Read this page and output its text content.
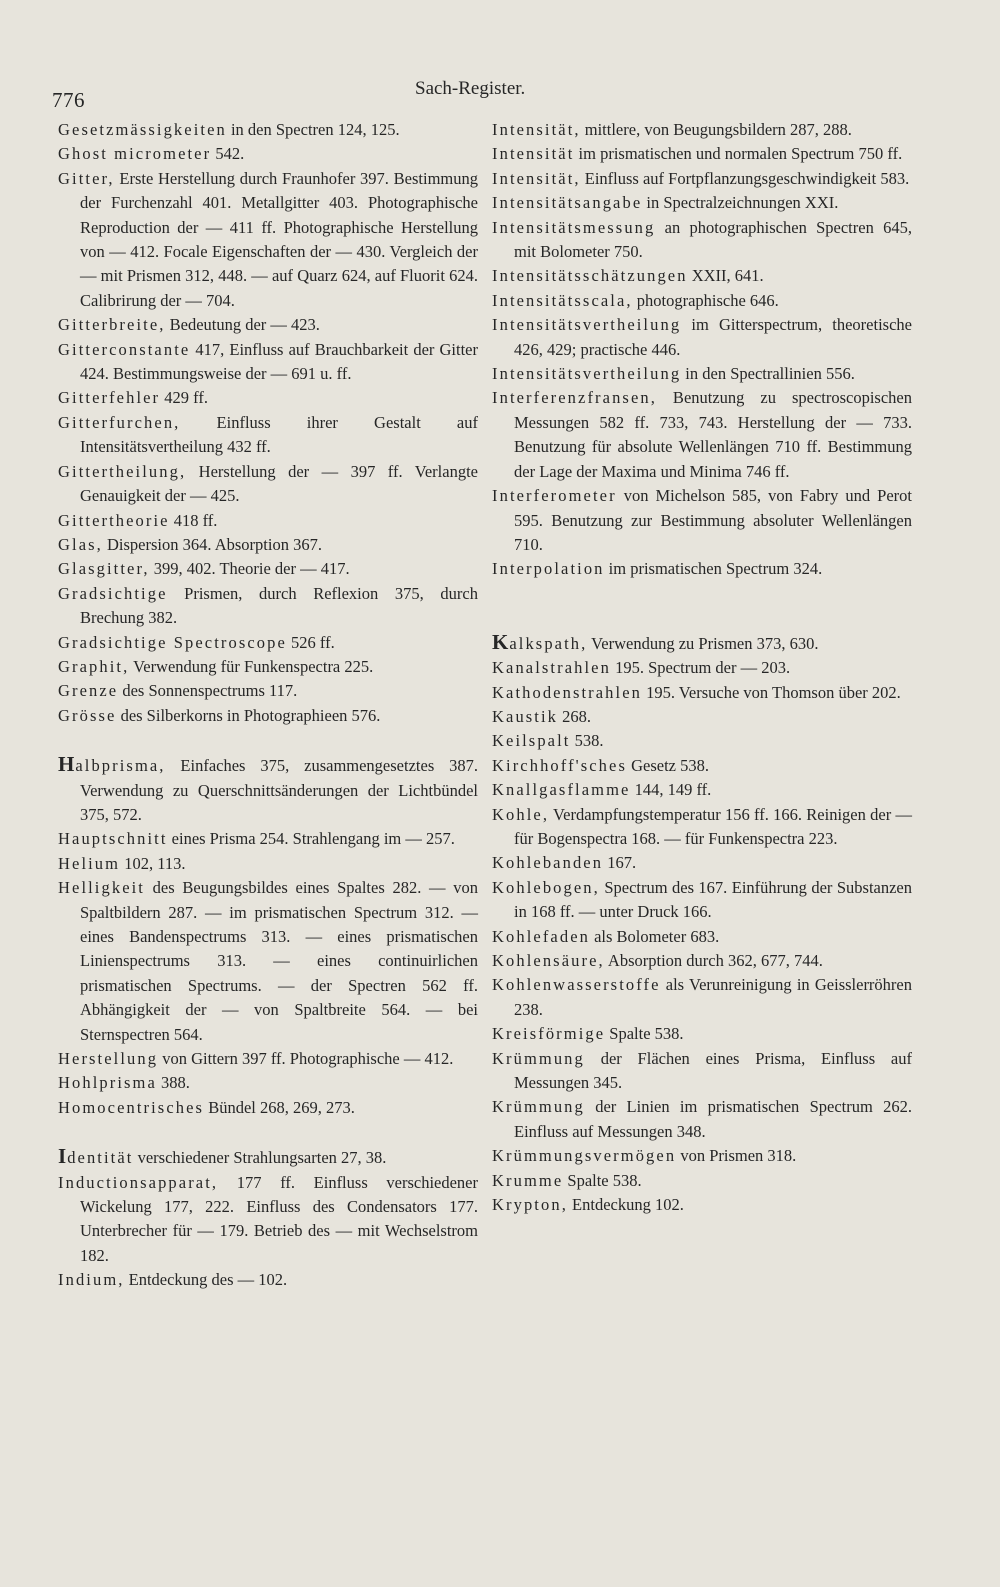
776	Sach-Register.

Gesetzmässigkeiten in den Spectren 124, 125.

Ghost micrometer 542.

Gitter, Erste Herstellung durch Fraunhofer 397. Bestimmung der Furchenzahl 401. Metallgitter 403. Photographische Reproduction der — 411 ff. Photographische Herstellung von — 412. Focale Eigenschaften der — 430. Vergleich der — mit Prismen 312, 448. — auf Quarz 624, auf Fluorit 624. Calibrirung der — 704.

Gitterbreite, Bedeutung der — 423.

Gitterconstante 417, Einfluss auf Brauchbarkeit der Gitter 424. Bestimmungsweise der — 691 u. ff.

Gitterfehler 429 ff.

Gitterfurchen, Einfluss ihrer Gestalt auf Intensitätsvertheilung 432 ff.

Gittertheilung, Herstellung der — 397 ff. Verlangte Genauigkeit der — 425.

Gittertheorie 418 ff.

Glas, Dispersion 364. Absorption 367.

Glasgitter, 399, 402. Theorie der — 417.

Gradsichtige Prismen, durch Reflexion 375, durch Brechung 382.

Gradsichtige Spectroscope 526 ff.

Graphit, Verwendung für Funkenspectra 225.

Grenze des Sonnenspectrums 117.

Grösse des Silberkorns in Photographieen 576.

Halbprisma, Einfaches 375, zusammengesetztes 387. Verwendung zu Querschnittsänderungen der Lichtbündel 375, 572.

Hauptschnitt eines Prisma 254. Strahlengang im — 257.

Helium 102, 113.

Helligkeit des Beugungsbildes eines Spaltes 282. — von Spaltbildern 287. — im prismatischen Spectrum 312. — eines Bandenspectrums 313. — eines prismatischen Linienspectrums 313. — eines continuirlichen prismatischen Spectrums. — der Spectren 562 ff. Abhängigkeit der — von Spaltbreite 564. — bei Sternspectren 564.

Herstellung von Gittern 397 ff. Photographische — 412.

Hohlprisma 388.

Homocentrisches Bündel 268, 269, 273.

Identität verschiedener Strahlungsarten 27, 38.

Inductionsapparat, 177 ff. Einfluss verschiedener Wickelung 177, 222. Einfluss des Condensators 177. Unterbrecher für — 179. Betrieb des — mit Wechselstrom 182.

Indium, Entdeckung des — 102.

Intensität, mittlere, von Beugungsbildern 287, 288.

Intensität im prismatischen und normalen Spectrum 750 ff.

Intensität, Einfluss auf Fortpflanzungsgeschwindigkeit 583.

Intensitätsangabe in Spectralzeichnungen XXI.

Intensitätsmessung an photographischen Spectren 645, mit Bolometer 750.

Intensitätsschätzungen XXII, 641.

Intensitätsscala, photographische 646.

Intensitätsvertheilung im Gitterspectrum, theoretische 426, 429; practische 446.

Intensitätsvertheilung in den Spectrallinien 556.

Interferenzfransen, Benutzung zu spectroscopischen Messungen 582 ff. 733, 743. Herstellung der — 733. Benutzung für absolute Wellenlängen 710 ff. Bestimmung der Lage der Maxima und Minima 746 ff.

Interferometer von Michelson 585, von Fabry und Perot 595. Benutzung zur Bestimmung absoluter Wellenlängen 710.

Interpolation im prismatischen Spectrum 324.

Kalkspath, Verwendung zu Prismen 373, 630.

Kanalstrahlen 195. Spectrum der — 203.

Kathodenstrahlen 195. Versuche von Thomson über 202.

Kaustik 268.

Keilspalt 538.

Kirchhoff'sches Gesetz 538.

Knallgasflamme 144, 149 ff.

Kohle, Verdampfungstemperatur 156 ff. 166. Reinigen der — für Bogenspectra 168. — für Funkenspectra 223.

Kohlebanden 167.

Kohlebogen, Spectrum des 167. Einführung der Substanzen in 168 ff. — unter Druck 166.

Kohlefaden als Bolometer 683.

Kohlensäure, Absorption durch 362, 677, 744.

Kohlenwasserstoffe als Verunreinigung in Geisslerröhren 238.

Kreisförmige Spalte 538.

Krümmung der Flächen eines Prisma, Einfluss auf Messungen 345.

Krümmung der Linien im prismatischen Spectrum 262. Einfluss auf Messungen 348.

Krümmungsvermögen von Prismen 318.

Krumme Spalte 538.

Krypton, Entdeckung 102.
